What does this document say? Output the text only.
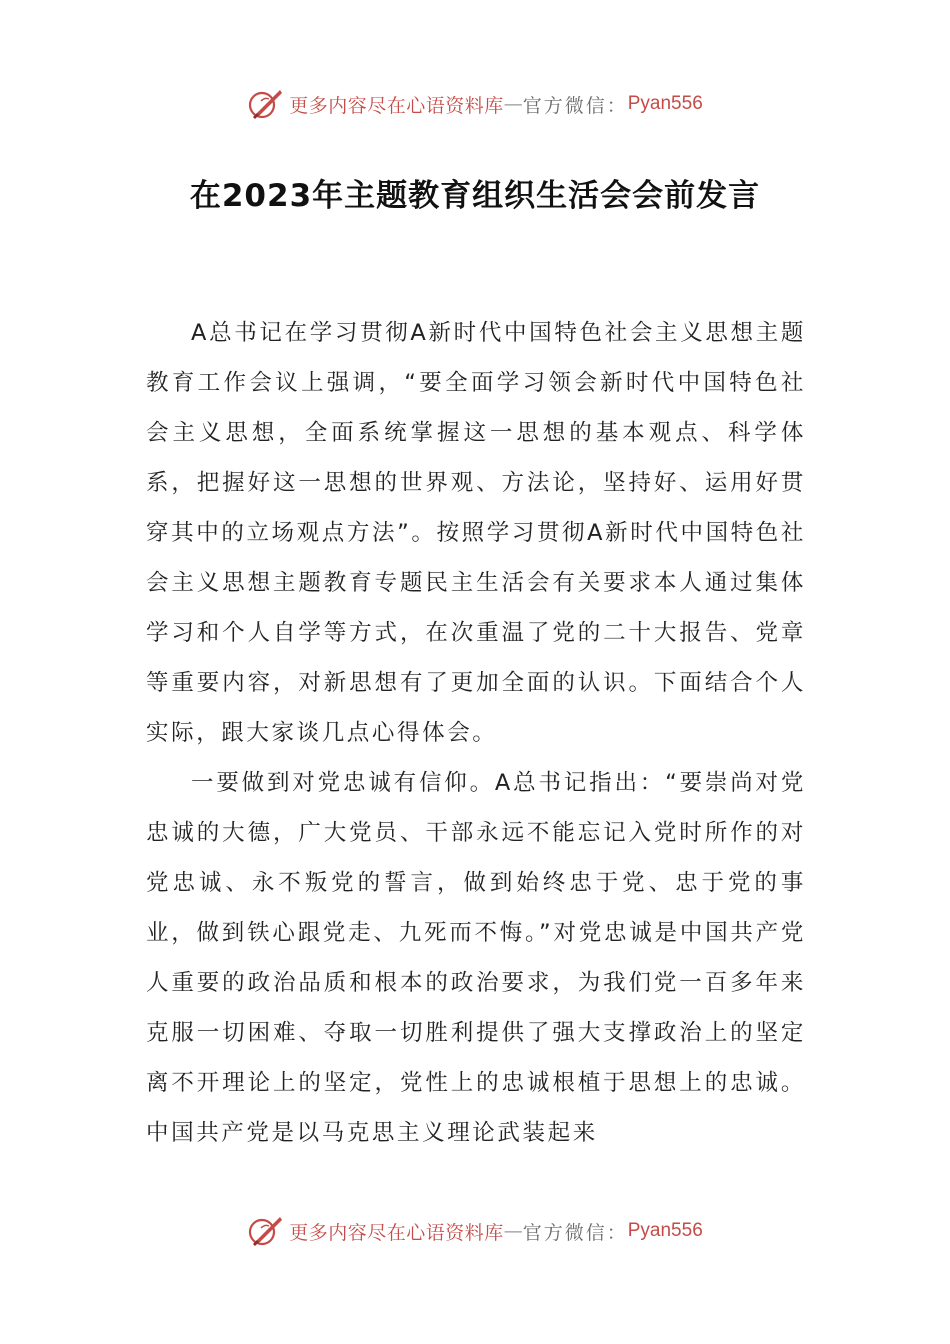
更多内容尽在心语资料库 — 官方微信： Pyan556
在2023年主题教育组织生活会会前发言

A总书记在学习贯彻A新时代中国特色社会主义思想主题教育工作会议上强调，“要全面学习领会新时代中国特色社会主义思想，全面系统掌握这一思想的基本观点、科学体系，把握好这一思想的世界观、方法论，坚持好、运用好贯穿其中的立场观点方法”。按照学习贯彻A新时代中国特色社会主义思想主题教育专题民主生活会有关要求本人通过集体学习和个人自学等方式，在次重温了党的二十大报告、党章等重要内容，对新思想有了更加全面的认识。下面结合个人实际，跟大家谈几点心得体会。

一要做到对党忠诚有信仰。A总书记指出：“要崇尚对党忠诚的大德，广大党员、干部永远不能忘记入党时所作的对党忠诚、永不叛党的誓言，做到始终忠于党、忠于党的事业，做到铁心跟党走、九死而不悔。”对党忠诚是中国共产党人重要的政治品质和根本的政治要求，为我们党一百多年来克服一切困难、夺取一切胜利提供了强大支撑政治上的坚定离不开理论上的坚定，党性上的忠诚根植于思想上的忠诚。中国共产党是以马克思主义理论武装起来

更多内容尽在心语资料库 — 官方微信： Pyan556
